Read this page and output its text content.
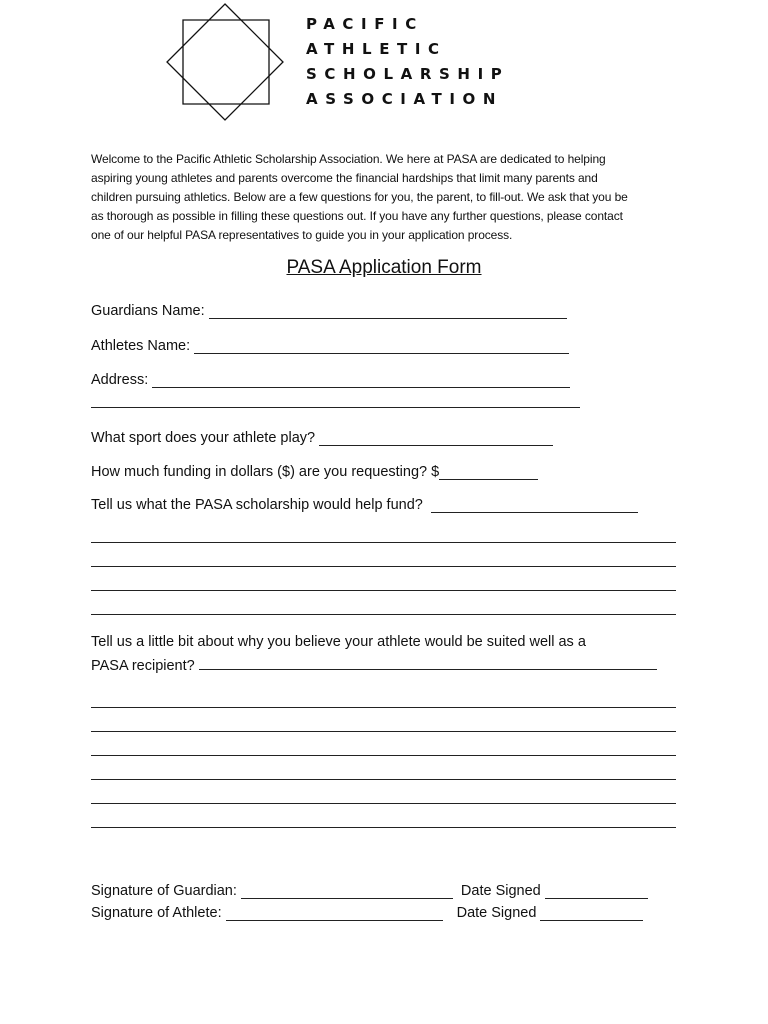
PACIFIC
ATHLETIC
SCHOLARSHIP
ASSOCIATION
Welcome to the Pacific Athletic Scholarship Association. We here at PASA are dedicated to helping
aspiring young athletes and parents overcome the financial hardships that limit many parents and
children pursuing athletics. Below are a few questions for you, the parent, to fill-out. We ask that you be
as thorough as possible in filling these questions out. If you have any further questions, please contact
one of our helpful PASA representatives to guide you in your application process.
PASA Application Form
Guardians Name:
Athletes Name:
Address:
What sport does your athlete play?
How much funding in dollars ($) are you requesting? $
Tell us what the PASA scholarship would help fund?
Tell us a little bit about why you believe your athlete would be suited well as a
PASA recipient?
Signature of Guardian:	Date Signed
Signature of Athlete:	Date Signed
